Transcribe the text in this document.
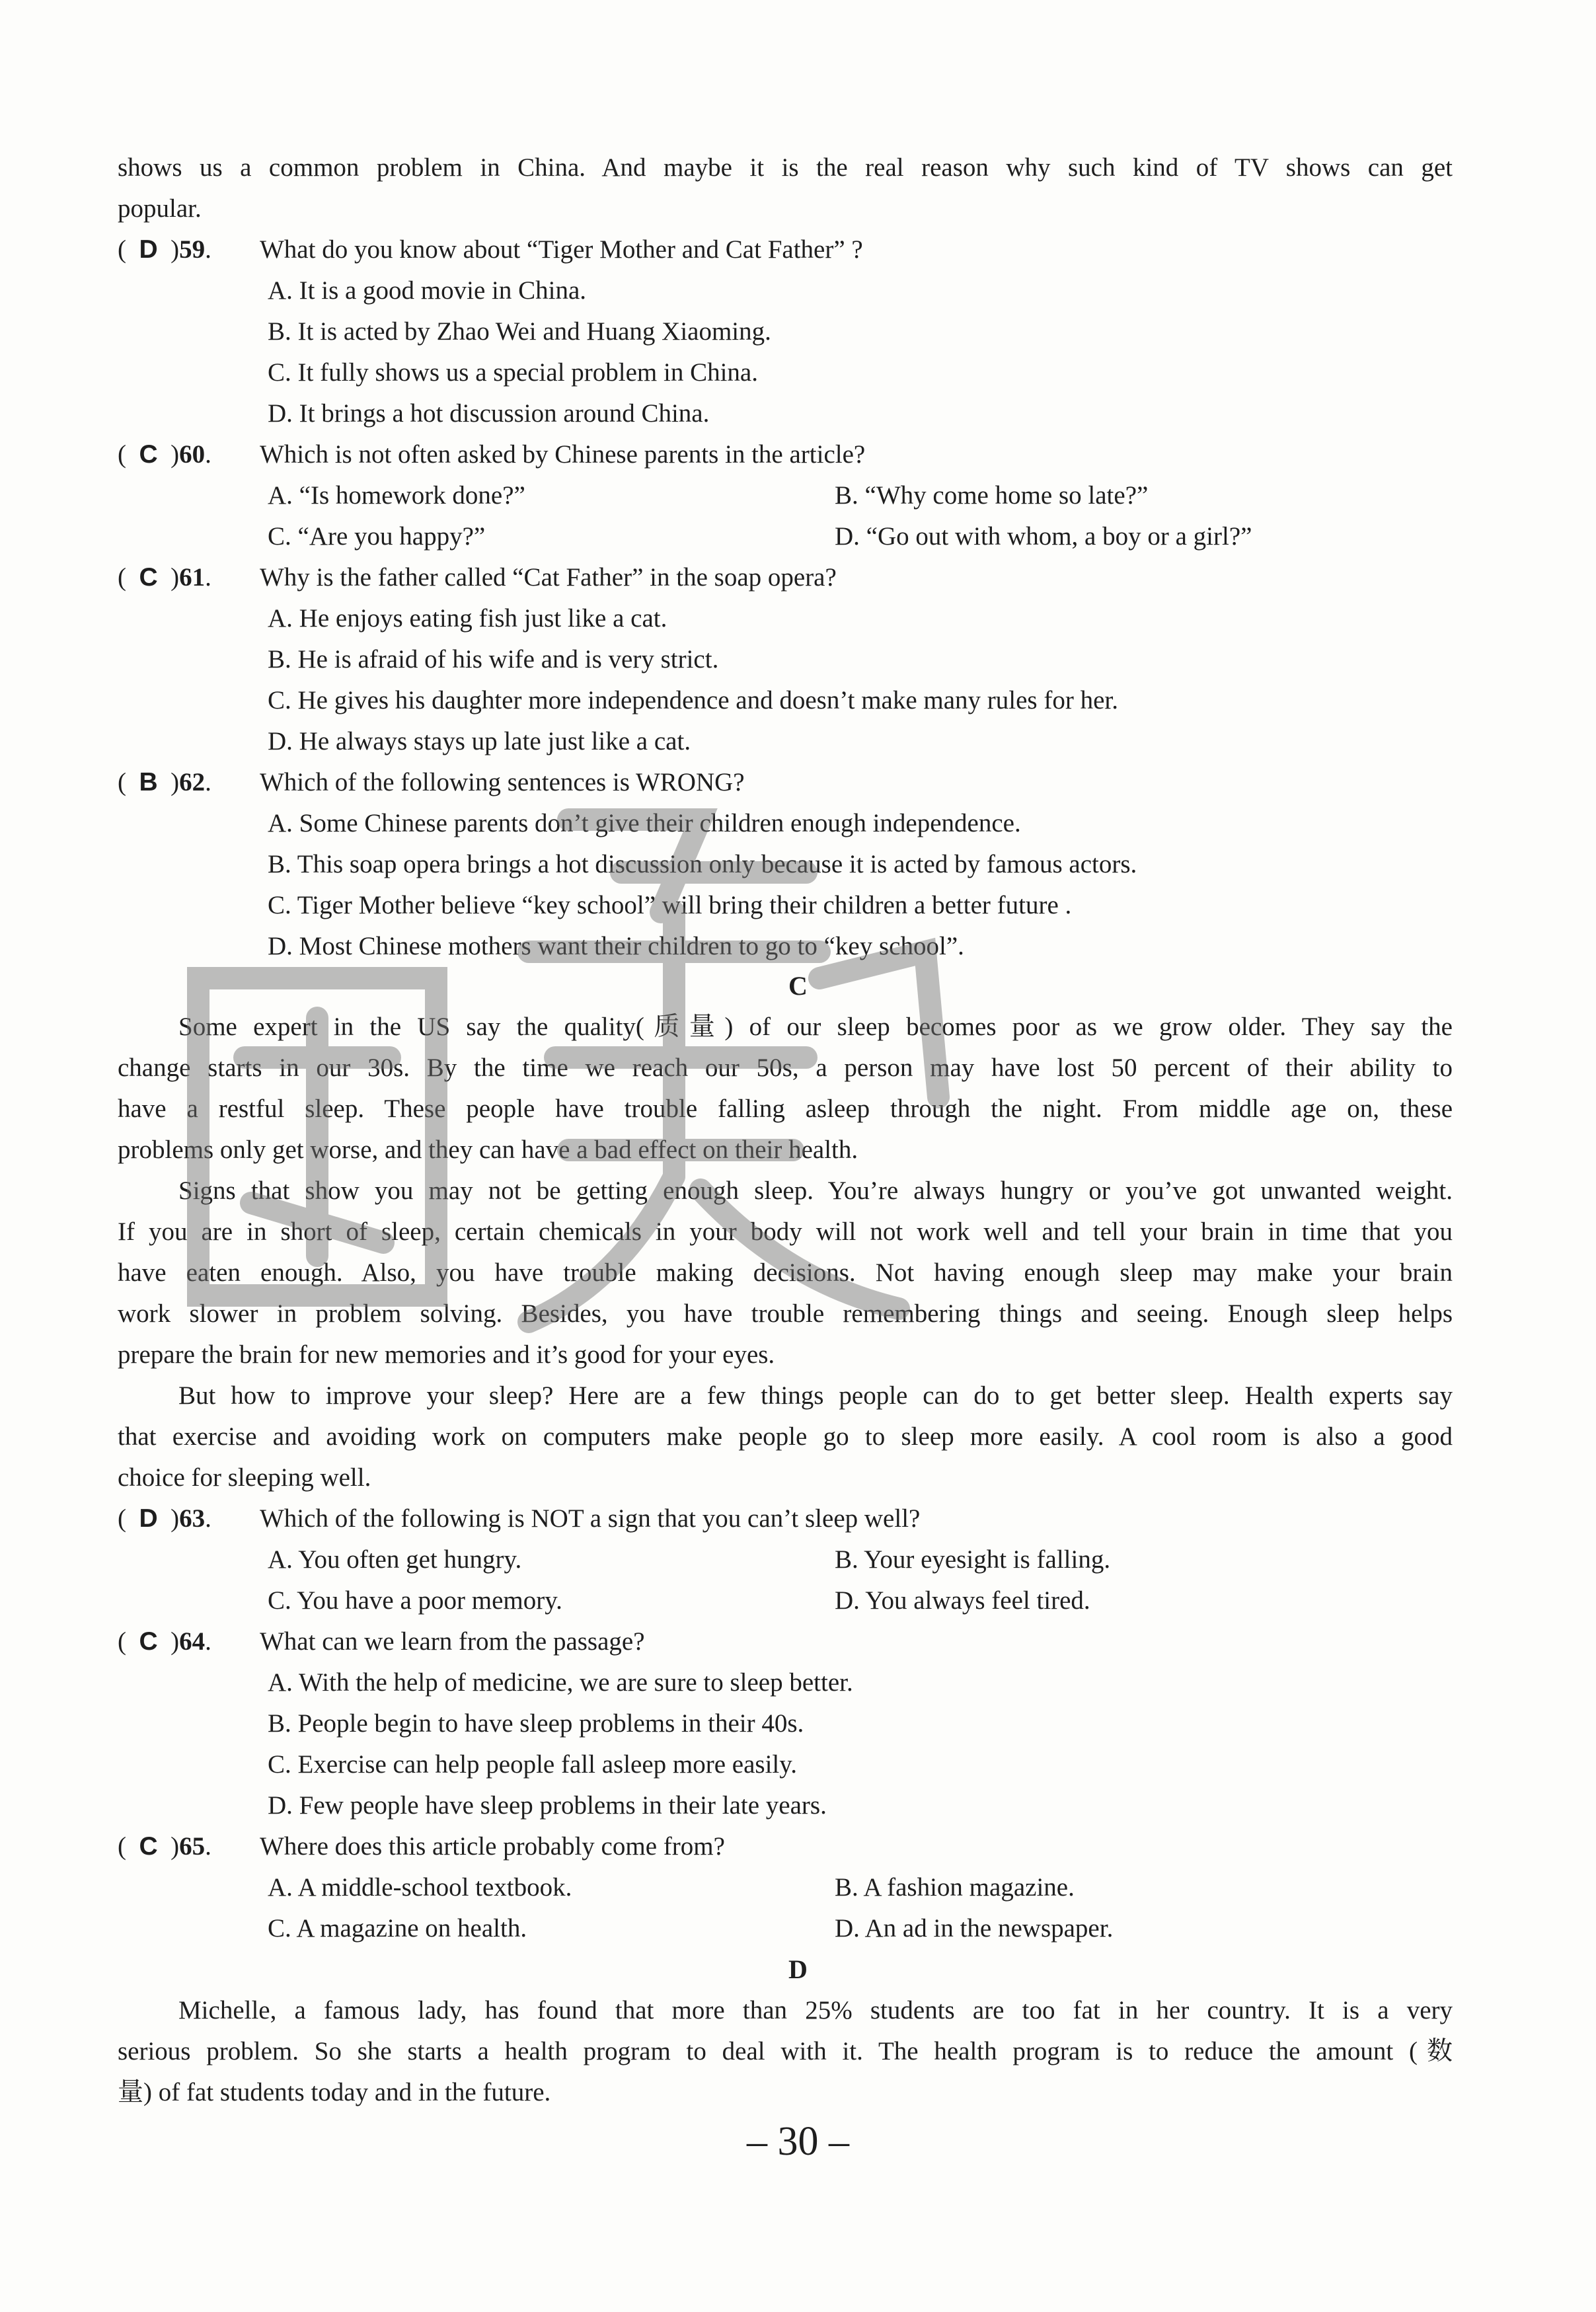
shows us a common problem in China. And maybe it is the real reason why such kind of TV shows can get
popular.
(  D  )59. What do you know about “Tiger Mother and Cat Father” ?
A. It is a good movie in China.
B. It is acted by Zhao Wei and Huang Xiaoming.
C. It fully shows us a special problem in China.
D. It brings a hot discussion around China.
(  C  )60. Which is not often asked by Chinese parents in the article?
A. “Is homework done?”	B. “Why come home so late?”
C. “Are you happy?”	D. “Go out with whom, a boy or a girl?”
(  C  )61. Why is the father called “Cat Father” in the soap opera?
A. He enjoys eating fish just like a cat.
B. He is afraid of his wife and is very strict.
C. He gives his daughter more independence and doesn’t make many rules for her.
D. He always stays up late just like a cat.
(  B  )62. Which of the following sentences is WRONG?
A. Some Chinese parents don’t give their children enough independence.
B. This soap opera brings a hot discussion only because it is acted by famous actors.
C. Tiger Mother believe “key school” will bring their children a better future .
D. Most Chinese mothers want their children to go to “key school”.
C
Some expert in the US say the quality(质量) of our sleep becomes poor as we grow older. They say the
change starts in our 30s. By the time we reach our 50s, a person may have lost 50 percent of their ability to
have a restful sleep. These people have trouble falling asleep through the night. From middle age on, these
problems only get worse, and they can have a bad effect on their health.
Signs that show you may not be getting enough sleep. You’re always hungry or you’ve got unwanted weight.
If you are in short of sleep, certain chemicals in your body will not work well and tell your brain in time that you
have eaten enough. Also, you have trouble making decisions. Not having enough sleep may make your brain
work slower in problem solving. Besides, you have trouble remembering things and seeing. Enough sleep helps
prepare the brain for new memories and it’s good for your eyes.
But how to improve your sleep? Here are a few things people can do to get better sleep. Health experts say
that exercise and avoiding work on computers make people go to sleep more easily. A cool room is also a good
choice for sleeping well.
(  D  )63. Which of the following is NOT a sign that you can’t sleep well?
A. You often get hungry.	B. Your eyesight is falling.
C. You have a poor memory.	D. You always feel tired.
(  C  )64. What can we learn from the passage?
A. With the help of medicine, we are sure to sleep better.
B. People begin to have sleep problems in their 40s.
C. Exercise can help people fall asleep more easily.
D. Few people have sleep problems in their late years.
(  C  )65. Where does this article probably come from?
A. A middle-school textbook.	B. A fashion magazine.
C. A magazine on health.	D. An ad in the newspaper.
D
Michelle, a famous lady, has found that more than 25% students are too fat in her country. It is a very
serious problem. So she starts a health program to deal with it. The health program is to reduce the amount (数
量) of fat students today and in the future.
– 30 –
